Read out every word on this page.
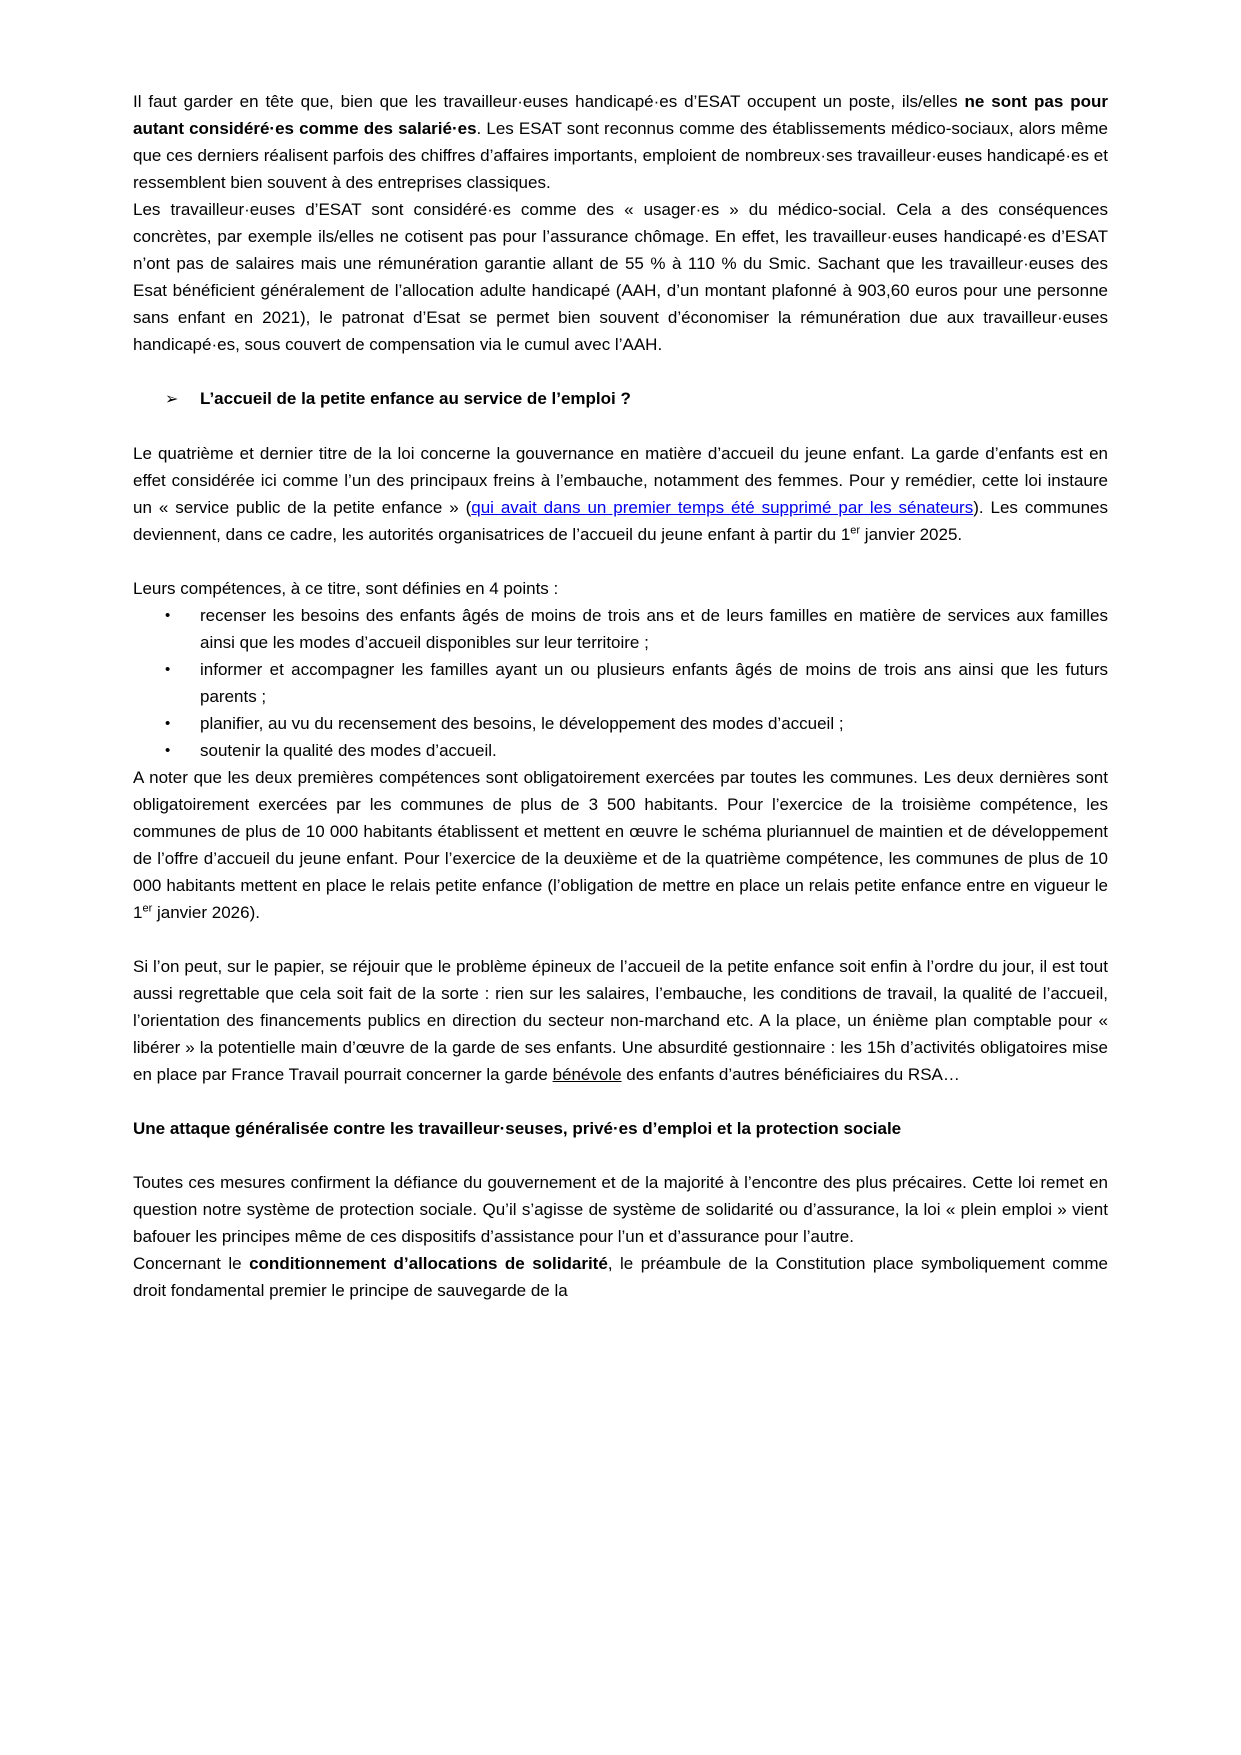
Il faut garder en tête que, bien que les travailleur·euses handicapé·es d’ESAT occupent un poste, ils/elles ne sont pas pour autant considéré·es comme des salarié·es. Les ESAT sont reconnus comme des établissements médico-sociaux, alors même que ces derniers réalisent parfois des chiffres d’affaires importants, emploient de nombreux·ses travailleur·euses handicapé·es et ressemblent bien souvent à des entreprises classiques.

Les travailleur·euses d’ESAT sont considéré·es comme des « usager·es » du médico-social. Cela a des conséquences concrètes, par exemple ils/elles ne cotisent pas pour l’assurance chômage. En effet, les travailleur·euses handicapé·es d’ESAT n’ont pas de salaires mais une rémunération garantie allant de 55 % à 110 % du Smic. Sachant que les travailleur·euses des Esat bénéficient généralement de l’allocation adulte handicapé (AAH, d’un montant plafonné à 903,60 euros pour une personne sans enfant en 2021), le patronat d’Esat se permet bien souvent d’économiser la rémunération due aux travailleur·euses handicapé·es, sous couvert de compensation via le cumul avec l’AAH.

➢ L’accueil de la petite enfance au service de l’emploi ?

Le quatrième et dernier titre de la loi concerne la gouvernance en matière d’accueil du jeune enfant. La garde d’enfants est en effet considérée ici comme l’un des principaux freins à l’embauche, notamment des femmes. Pour y remédier, cette loi instaure un « service public de la petite enfance » (qui avait dans un premier temps été supprimé par les sénateurs). Les communes deviennent, dans ce cadre, les autorités organisatrices de l’accueil du jeune enfant à partir du 1er janvier 2025.

Leurs compétences, à ce titre, sont définies en 4 points :

• recenser les besoins des enfants âgés de moins de trois ans et de leurs familles en matière de services aux familles ainsi que les modes d’accueil disponibles sur leur territoire ;
• informer et accompagner les familles ayant un ou plusieurs enfants âgés de moins de trois ans ainsi que les futurs parents ;
• planifier, au vu du recensement des besoins, le développement des modes d’accueil ;
• soutenir la qualité des modes d’accueil.

A noter que les deux premières compétences sont obligatoirement exercées par toutes les communes. Les deux dernières sont obligatoirement exercées par les communes de plus de 3 500 habitants. Pour l’exercice de la troisième compétence, les communes de plus de 10 000 habitants établissent et mettent en œuvre le schéma pluriannuel de maintien et de développement de l’offre d’accueil du jeune enfant. Pour l’exercice de la deuxième et de la quatrième compétence, les communes de plus de 10 000 habitants mettent en place le relais petite enfance (l’obligation de mettre en place un relais petite enfance entre en vigueur le 1er janvier 2026).

Si l’on peut, sur le papier, se réjouir que le problème épineux de l’accueil de la petite enfance soit enfin à l’ordre du jour, il est tout aussi regrettable que cela soit fait de la sorte : rien sur les salaires, l’embauche, les conditions de travail, la qualité de l’accueil, l’orientation des financements publics en direction du secteur non-marchand etc. A la place, un énième plan comptable pour « libérer » la potentielle main d’œuvre de la garde de ses enfants. Une absurdité gestionnaire : les 15h d’activités obligatoires mise en place par France Travail pourrait concerner la garde bénévole des enfants d’autres bénéficiaires du RSA…

Une attaque généralisée contre les travailleur·seuses, privé·es d’emploi et la protection sociale

Toutes ces mesures confirment la défiance du gouvernement et de la majorité à l’encontre des plus précaires. Cette loi remet en question notre système de protection sociale. Qu’il s’agisse de système de solidarité ou d’assurance, la loi « plein emploi » vient bafouer les principes même de ces dispositifs d’assistance pour l’un et d’assurance pour l’autre.

Concernant le conditionnement d’allocations de solidarité, le préambule de la Constitution place symboliquement comme droit fondamental premier le principe de sauvegarde de la
